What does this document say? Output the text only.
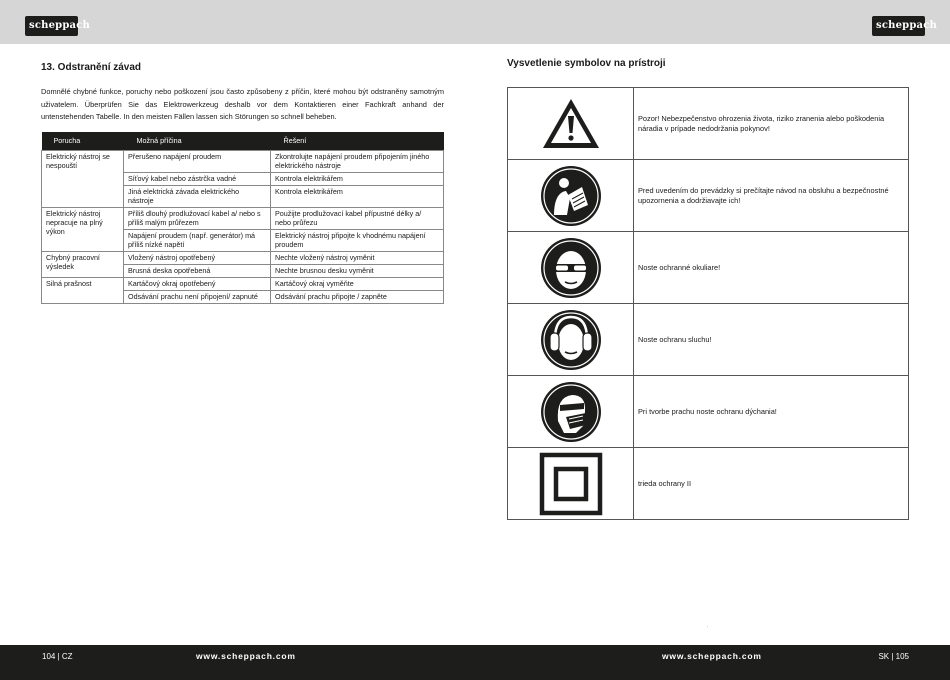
scheppach	scheppach
13. Odstranění závad
Domnělé chybné funkce, poruchy nebo poškození jsou často způsobeny z příčin, které mohou být odstraněny samotným uživatelem. Überprüfen Sie das Elektrowerkzeug deshalb vor dem Kontaktieren einer Fachkraft anhand der untenstehenden Tabelle. In den meisten Fällen lassen sich Störungen so schnell beheben.
Porucha	Možná příčina	Řešení
Elektrický nástroj se nespouští	Přerušeno napájení proudem	Zkontrolujte napájení proudem připojením jiného elektrického nástroje
	Síťový kabel nebo zástrčka vadné	Kontrola elektrikářem
	Jiná elektrická závada elektrického nástroje	Kontrola elektrikářem
Elektrický nástroj nepracuje na plný výkon	Příliš dlouhý prodlužovací kabel a/ nebo s příliš malým průřezem	Použijte prodlužovací kabel přípustné délky a/ nebo průřezu
	Napájení proudem (např. generátor) má příliš nízké napětí	Elektrický nástroj připojte k vhodnému napájení proudem
Chybný pracovní výsledek	Vložený nástroj opotřebený	Nechte vložený nástroj vyměnit
	Brusná deska opotřebená	Nechte brusnou desku vyměnit
Silná prašnost	Kartáčový okraj opotřebený	Kartáčový okraj vyměňte
	Odsávání prachu není připojení/ zapnuté	Odsávání prachu připojte / zapněte
Vysvetlenie symbolov na prístroji
	Pozor! Nebezpečenstvo ohrozenia života, riziko zranenia alebo poškodenia náradia v prípade nedodržania pokynov!

	Pred uvedením do prevádzky si prečítajte návod na obsluhu a bezpečnostné upozornenia a dodržiavajte ich!

	Noste ochranné okuliare!

	Noste ochranu sluchu!

	Pri tvorbe prachu noste ochranu dýchania!

	trieda ochrany II
'
104 | CZ	www.scheppach.com	www.scheppach.com	SK | 105
